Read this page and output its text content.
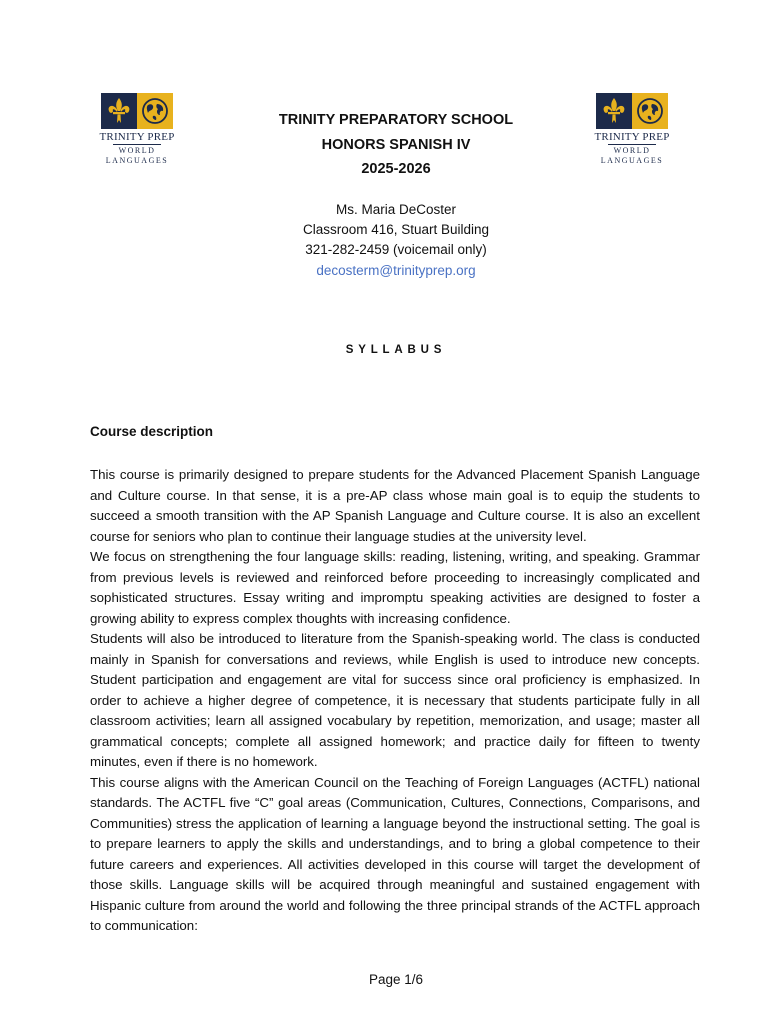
TRINITY PREP
WORLD
LANGUAGES
TRINITY PREP
WORLD
LANGUAGES
TRINITY PREPARATORY SCHOOL
HONORS SPANISH IV
2025-2026
Ms. Maria DeCoster
Classroom 416, Stuart Building
321-282-2459 (voicemail only)
decosterm@trinityprep.org
SYLLABUS
Course description

This course is primarily designed to prepare students for the Advanced Placement Spanish Language and Culture course. In that sense, it is a pre-AP class whose main goal is to equip the students to succeed a smooth transition with the AP Spanish Language and Culture course. It is also an excellent course for seniors who plan to continue their language studies at the university level.

We focus on strengthening the four language skills: reading, listening, writing, and speaking. Grammar from previous levels is reviewed and reinforced before proceeding to increasingly complicated and sophisticated structures. Essay writing and impromptu speaking activities are designed to foster a growing ability to express complex thoughts with increasing confidence.

Students will also be introduced to literature from the Spanish-speaking world. The class is conducted mainly in Spanish for conversations and reviews, while English is used to introduce new concepts. Student participation and engagement are vital for success since oral proficiency is emphasized. In order to achieve a higher degree of competence, it is necessary that students participate fully in all classroom activities; learn all assigned vocabulary by repetition, memorization, and usage; master all grammatical concepts; complete all assigned homework; and practice daily for fifteen to twenty minutes, even if there is no homework.

This course aligns with the American Council on the Teaching of Foreign Languages (ACTFL) national standards. The ACTFL five “C” goal areas (Communication, Cultures, Connections, Comparisons, and Communities) stress the application of learning a language beyond the instructional setting. The goal is to prepare learners to apply the skills and understandings, and to bring a global competence to their future careers and experiences. All activities developed in this course will target the development of those skills. Language skills will be acquired through meaningful and sustained engagement with Hispanic culture from around the world and following the three principal strands of the ACTFL approach to communication:

Page 1/6
